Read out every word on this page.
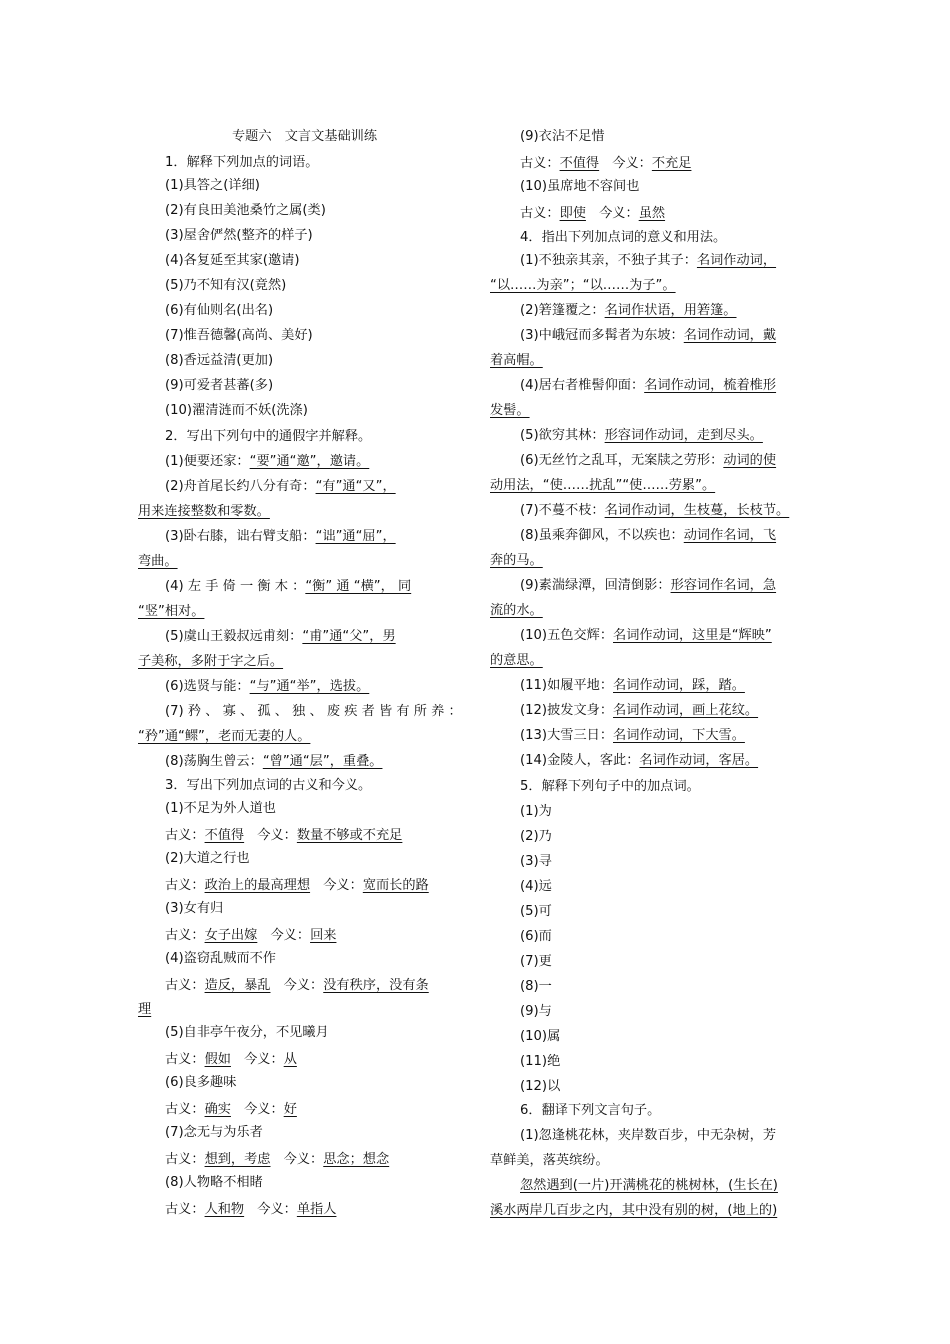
专题六　文言文基础训练
1．解释下列加点的词语。
(1)具答之(详细)
(2)有良田美池桑竹之属(类)
(3)屋舍俨然(整齐的样子)
(4)各复延至其家(邀请)
(5)乃不知有汉(竟然)
(6)有仙则名(出名)
(7)惟吾德馨(高尚、美好)
(8)香远益清(更加)
(9)可爱者甚蕃(多)
(10)濯清涟而不妖(洗涤)
2．写出下列句中的通假字并解释。
(1)便要还家：“要”通“邀”，邀请。
(2)舟首尾长约八分有奇：“有”通“又”，
用来连接整数和零数。
(3)卧右膝，诎右臂支船：“诎”通“屈”，
弯曲。
(4) 左 手 倚 一 衡 木 ：“衡” 通 “横”， 同
“竖”相对。
(5)虞山王毅叔远甫刻：“甫”通“父”，男
子美称，多附于字之后。
(6)选贤与能：“与”通“举”，选拔。
(7) 矜 、 寡 、 孤 、 独 、 废 疾 者 皆 有 所 养 ：
“矜”通“鳏”，老而无妻的人。
(8)荡胸生曾云：“曾”通“层”，重叠。
3．写出下列加点词的古义和今义。
(1)不足为外人道也
古义：不值得　今义：数量不够或不充足
(2)大道之行也
古义：政治上的最高理想　今义：宽而长的路
(3)女有归
古义：女子出嫁　今义：回来
(4)盗窃乱贼而不作
古义：造反，暴乱　今义：没有秩序，没有条
理
(5)自非亭午夜分，不见曦月
古义：假如　今义：从
(6)良多趣味
古义：确实　今义：好
(7)念无与为乐者
古义：想到，考虑　今义：思念；想念
(8)人物略不相睹
古义：人和物　今义：单指人
(9)衣沾不足惜
古义：不值得　今义：不充足
(10)虽席地不容间也
古义：即使　今义：虽然
4．指出下列加点词的意义和用法。
(1)不独亲其亲，不独子其子：名词作动词，
“以……为亲”；“以……为子”。
(2)箬篷覆之：名词作状语，用箬篷。
(3)中峨冠而多髯者为东坡：名词作动词，戴
着高帽。
(4)居右者椎髻仰面：名词作动词，梳着椎形
发髻。
(5)欲穷其林：形容词作动词，走到尽头。
(6)无丝竹之乱耳，无案牍之劳形：动词的使
动用法，“使……扰乱”“使……劳累”。
(7)不蔓不枝：名词作动词，生枝蔓，长枝节。
(8)虽乘奔御风，不以疾也：动词作名词，飞
奔的马。
(9)素湍绿潭，回清倒影：形容词作名词，急
流的水。
(10)五色交辉：名词作动词，这里是“辉映”
的意思。
(11)如履平地：名词作动词，踩，踏。
(12)披发文身：名词作动词，画上花纹。
(13)大雪三日：名词作动词，下大雪。
(14)金陵人，客此：名词作动词，客居。
5．解释下列句子中的加点词。
(1)为
(2)乃
(3)寻
(4)远
(5)可
(6)而
(7)更
(8)一
(9)与
(10)属
(11)绝
(12)以
6．翻译下列文言句子。
(1)忽逢桃花林，夹岸数百步，中无杂树，芳
草鲜美，落英缤纷。
忽然遇到(一片)开满桃花的桃树林，(生长在)
溪水两岸几百步之内，其中没有别的树，(地上的)
